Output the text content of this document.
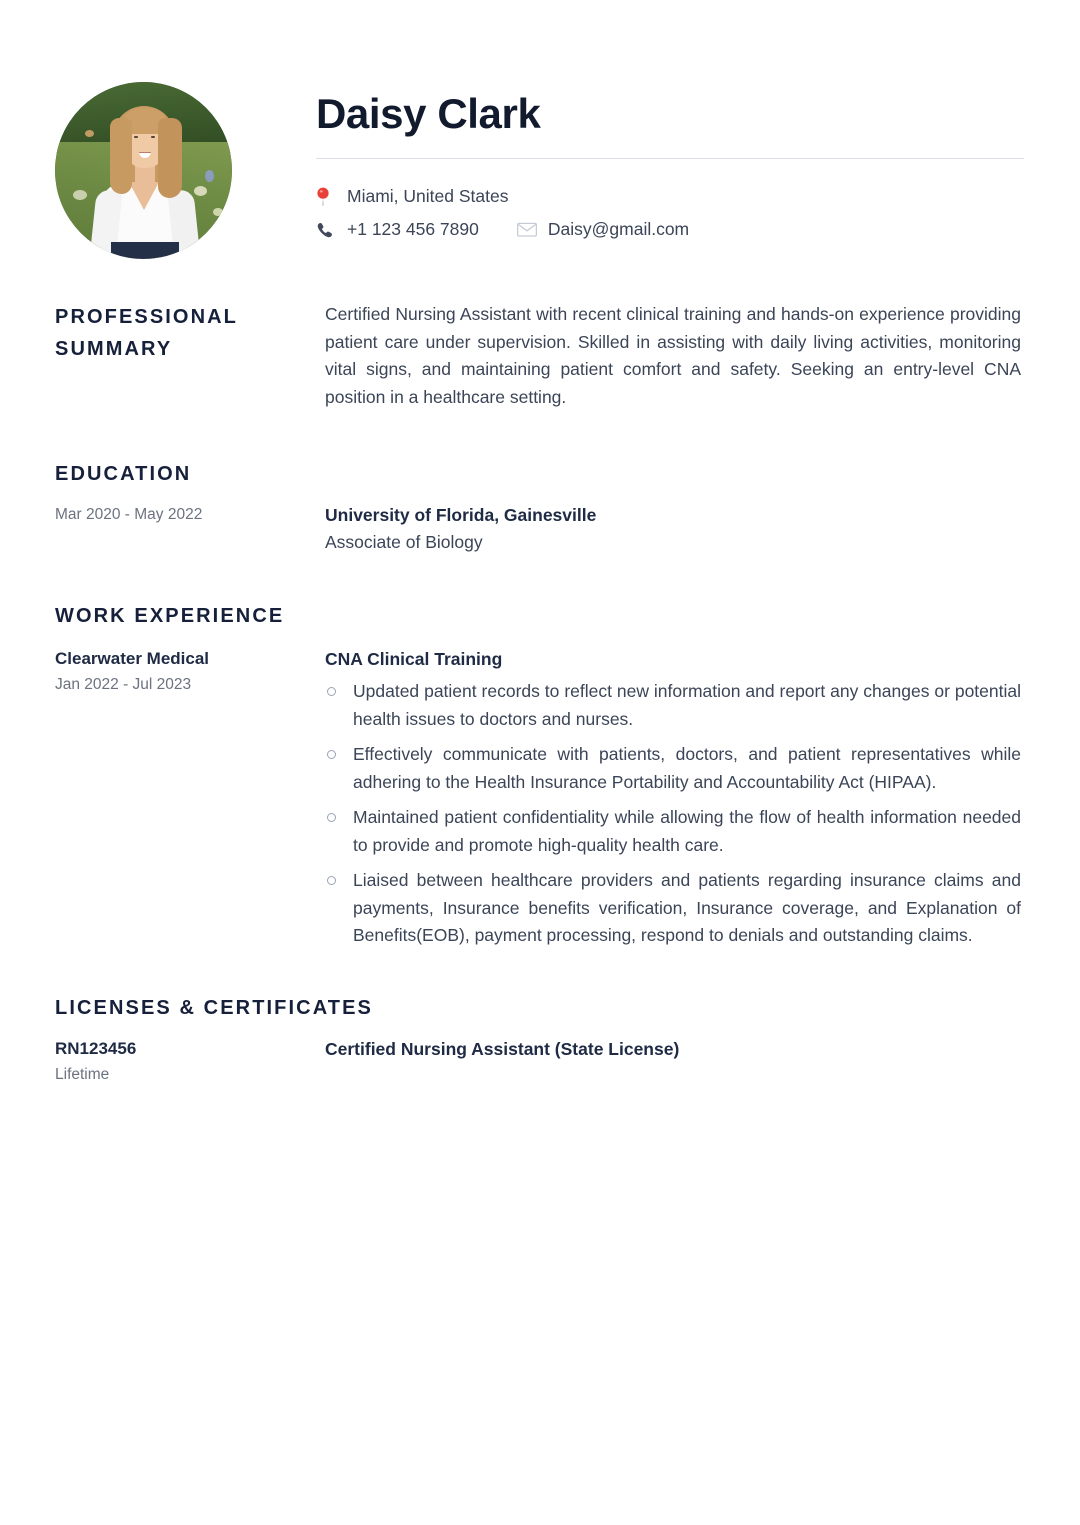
Daisy Clark
Miami, United States
+1 123 456 7890	Daisy@gmail.com
PROFESSIONAL SUMMARY
Certified Nursing Assistant with recent clinical training and hands-on experience providing patient care under supervision. Skilled in assisting with daily living activities, monitoring vital signs, and maintaining patient comfort and safety. Seeking an entry-level CNA position in a healthcare setting.
EDUCATION
Mar 2020 - May 2022	University of Florida, Gainesville
Associate of Biology
WORK EXPERIENCE
Clearwater Medical
Jan 2022 - Jul 2023
CNA Clinical Training
Updated patient records to reflect new information and report any changes or potential health issues to doctors and nurses.
Effectively communicate with patients, doctors, and patient representatives while adhering to the Health Insurance Portability and Accountability Act (HIPAA).
Maintained patient confidentiality while allowing the flow of health information needed to provide and promote high-quality health care.
Liaised between healthcare providers and patients regarding insurance claims and payments, Insurance benefits verification, Insurance coverage, and Explanation of Benefits(EOB), payment processing, respond to denials and outstanding claims.
LICENSES & CERTIFICATES
RN123456
Lifetime
Certified Nursing Assistant (State License)
